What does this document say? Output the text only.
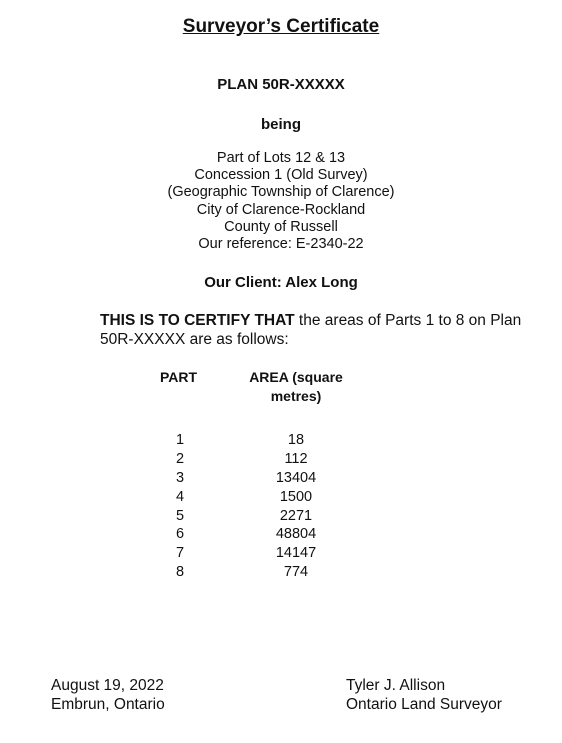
Surveyor’s Certificate
PLAN 50R-XXXXX
being
Part of Lots 12 & 13
Concession 1 (Old Survey)
(Geographic Township of Clarence)
City of Clarence-Rockland
County of Russell
Our reference: E-2340-22
Our Client: Alex Long
THIS IS TO CERTIFY THAT the areas of Parts 1 to 8 on Plan 50R-XXXXX are as follows:
PART	AREA (square
metres)
1	18
2	112
3	13404
4	1500
5	2271
6	48804
7	14147
8	774
August 19, 2022
Embrun, Ontario
Tyler J. Allison
Ontario Land Surveyor
